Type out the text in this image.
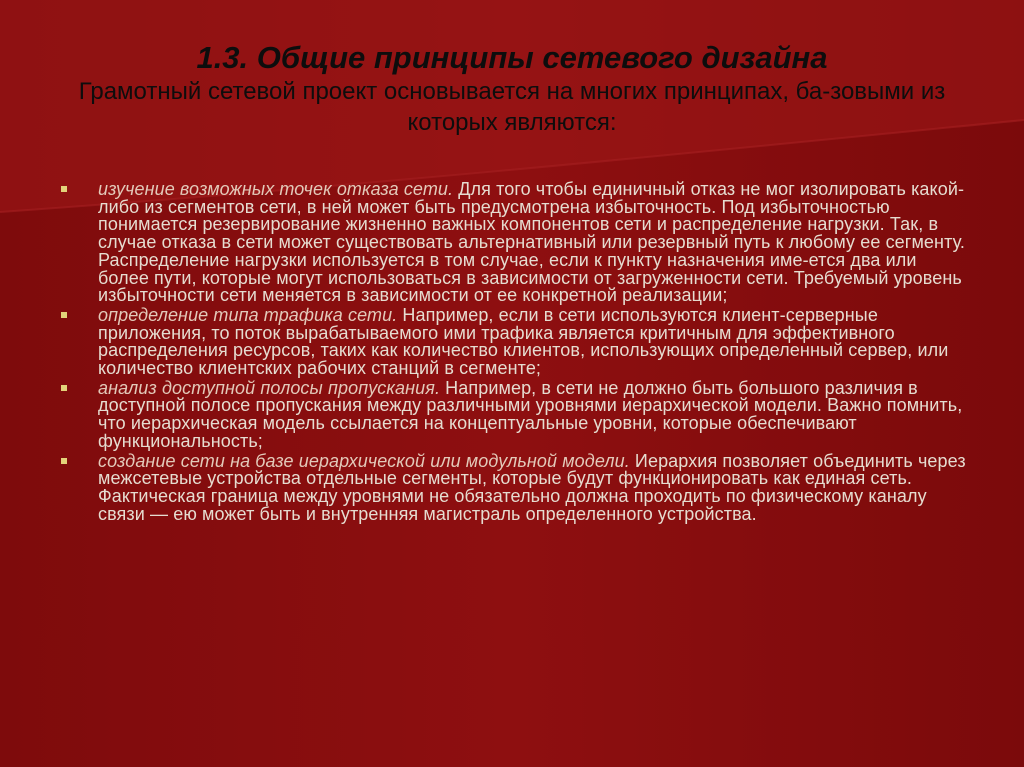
1.3. Общие принципы сетевого дизайна

Грамотный сетевой проект основывается на многих принципах, ба-зовыми из которых являются:

изучение возможных точек отказа сети. Для того чтобы единичный отказ не мог изолировать какой-либо из сегментов сети, в ней может быть предусмотрена избыточность. Под избыточностью понимается резервирование жизненно важных компонентов сети и распределение нагрузки. Так, в случае отказа в сети может существовать альтернативный или резервный путь к любому ее сегменту. Распределение нагрузки используется в том случае, если к пункту назначения име-ется два или более пути, которые могут использоваться в зависимости от загруженности сети. Требуемый уровень избыточности сети меняется в зависимости от ее конкретной реализации;
определение типа трафика сети. Например, если в сети используются клиент-серверные приложения, то поток вырабатываемого ими трафика является критичным для эффективного распределения ресурсов, таких как количество клиентов, использующих определенный сервер, или количество клиентских рабочих станций в сегменте;
анализ доступной полосы пропускания. Например, в сети не должно быть большого различия в доступной полосе пропускания между различными уровнями иерархической модели. Важно помнить, что иерархическая модель ссылается на концептуальные уровни, которые обеспечивают функциональность;
создание сети на базе иерархической или модульной модели. Иерархия позволяет объединить через межсетевые устройства отдельные сегменты, которые будут функционировать как единая сеть. Фактическая граница между уровнями не обязательно должна проходить по физическому каналу связи — ею может быть и внутренняя магистраль определенного устройства.
